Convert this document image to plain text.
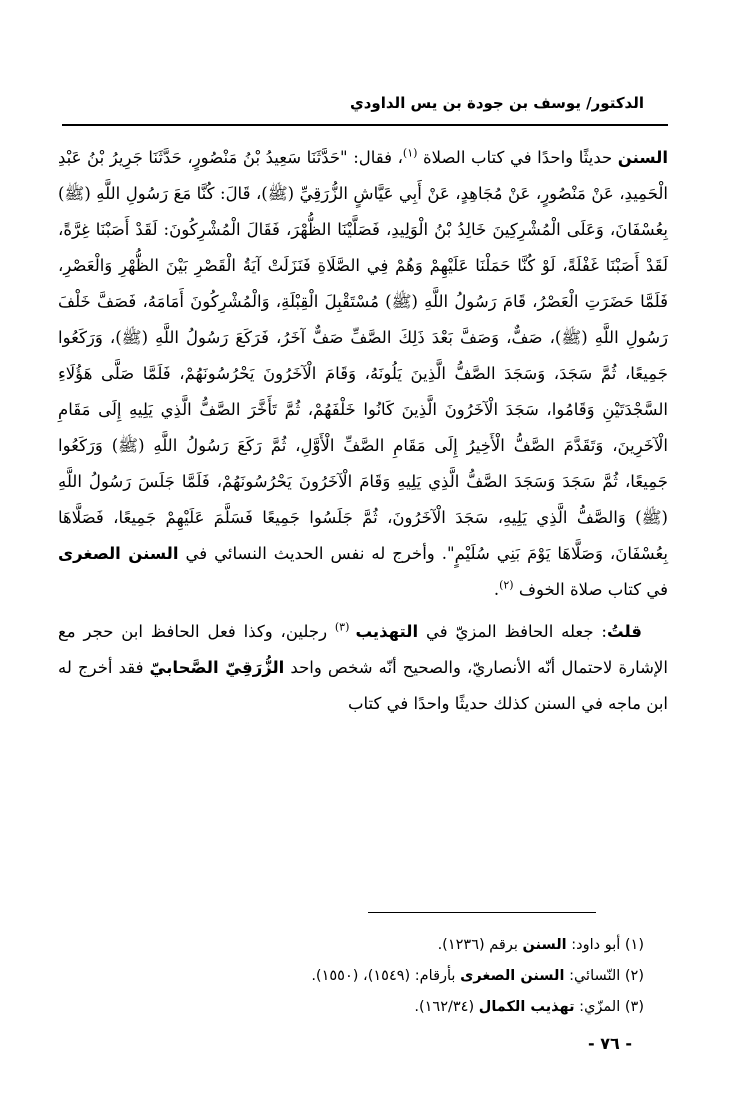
الدكتور/ يوسف بن جودة بن يس الداودي

السنن حديثًا واحدًا في كتاب الصلاة $^{(١)}$، فقال: "حَدَّثَنَا سَعِيدُ بْنُ مَنْصُورٍ، حَدَّثَنَا جَرِيرُ بْنُ عَبْدِ الْحَمِيدِ، عَنْ مَنْصُورٍ، عَنْ مُجَاهِدٍ، عَنْ أَبِي عَيَّاشٍ الزُّرَقِيِّ (ﷺ)، قَالَ: كُنَّا مَعَ رَسُولِ اللَّهِ (ﷺ) بِعُسْفَانَ، وَعَلَى الْمُشْرِكِينَ خَالِدُ بْنُ الْوَلِيدِ، فَصَلَّيْنَا الظُّهْرَ، فَقَالَ الْمُشْرِكُونَ: لَقَدْ أَصَبْنَا غِرَّةً، لَقَدْ أَصَبْنَا غَفْلَةً، لَوْ كُنَّا حَمَلْنَا عَلَيْهِمْ وَهُمْ فِي الصَّلَاةِ فَنَزَلَتْ آيَةُ الْقَصْرِ بَيْنَ الظُّهْرِ وَالْعَصْرِ، فَلَمَّا حَضَرَتِ الْعَصْرُ، قَامَ رَسُولُ اللَّهِ (ﷺ) مُسْتَقْبِلَ الْقِبْلَةِ، وَالْمُشْرِكُونَ أَمَامَهُ، فَصَفَّ خَلْفَ رَسُولِ اللَّهِ (ﷺ)، صَفٌّ، وَصَفَّ بَعْدَ ذَلِكَ الصَّفِّ صَفٌّ آخَرُ، فَرَكَعَ رَسُولُ اللَّهِ (ﷺ)، وَرَكَعُوا جَمِيعًا، ثُمَّ سَجَدَ، وَسَجَدَ الصَّفُّ الَّذِينَ يَلُونَهُ، وَقَامَ الْآخَرُونَ يَحْرُسُونَهُمْ، فَلَمَّا صَلَّى هَؤُلَاءِ السَّجْدَتَيْنِ وَقَامُوا، سَجَدَ الْآخَرُونَ الَّذِينَ كَانُوا خَلْفَهُمْ، ثُمَّ تَأَخَّرَ الصَّفُّ الَّذِي يَلِيهِ إِلَى مَقَامِ الْآخَرِينَ، وَتَقَدَّمَ الصَّفُّ الْأَخِيرُ إِلَى مَقَامِ الصَّفِّ الْأَوَّلِ، ثُمَّ رَكَعَ رَسُولُ اللَّهِ (ﷺ) وَرَكَعُوا جَمِيعًا، ثُمَّ سَجَدَ وَسَجَدَ الصَّفُّ الَّذِي يَلِيهِ وَقَامَ الْآخَرُونَ يَحْرُسُونَهُمْ، فَلَمَّا جَلَسَ رَسُولُ اللَّهِ (ﷺ) وَالصَّفُّ الَّذِي يَلِيهِ، سَجَدَ الْآخَرُونَ، ثُمَّ جَلَسُوا جَمِيعًا فَسَلَّمَ عَلَيْهِمْ جَمِيعًا، فَصَلَّاهَا بِعُسْفَانَ، وَصَلَّاهَا يَوْمَ بَنِي سُلَيْمٍ". وأخرج له نفس الحديث النسائي في السنن الصغرى في كتاب صلاة الخوف $^{(٢)}$.

قلتُ: جعله الحافظ المزيّ في التهذيب $^{(٣)}$ رجلين، وكذا فعل الحافظ ابن حجر مع الإشارة لاحتمال أنّه الأنصاريّ، والصحيح أنّه شخص واحد الزُّرَقِيّ الصَّحابيّ فقد أخرج له ابن ماجه في السنن كذلك حديثًا واحدًا في كتاب

(١) أبو داود: السنن برقم (١٢٣٦).
(٢) النّسائي: السنن الصغرى بأرقام: (١٥٤٩)، (١٥٥٠).
(٣) المزّي: تهذيب الكمال (١٦٢/٣٤).
- ٧٦ -
